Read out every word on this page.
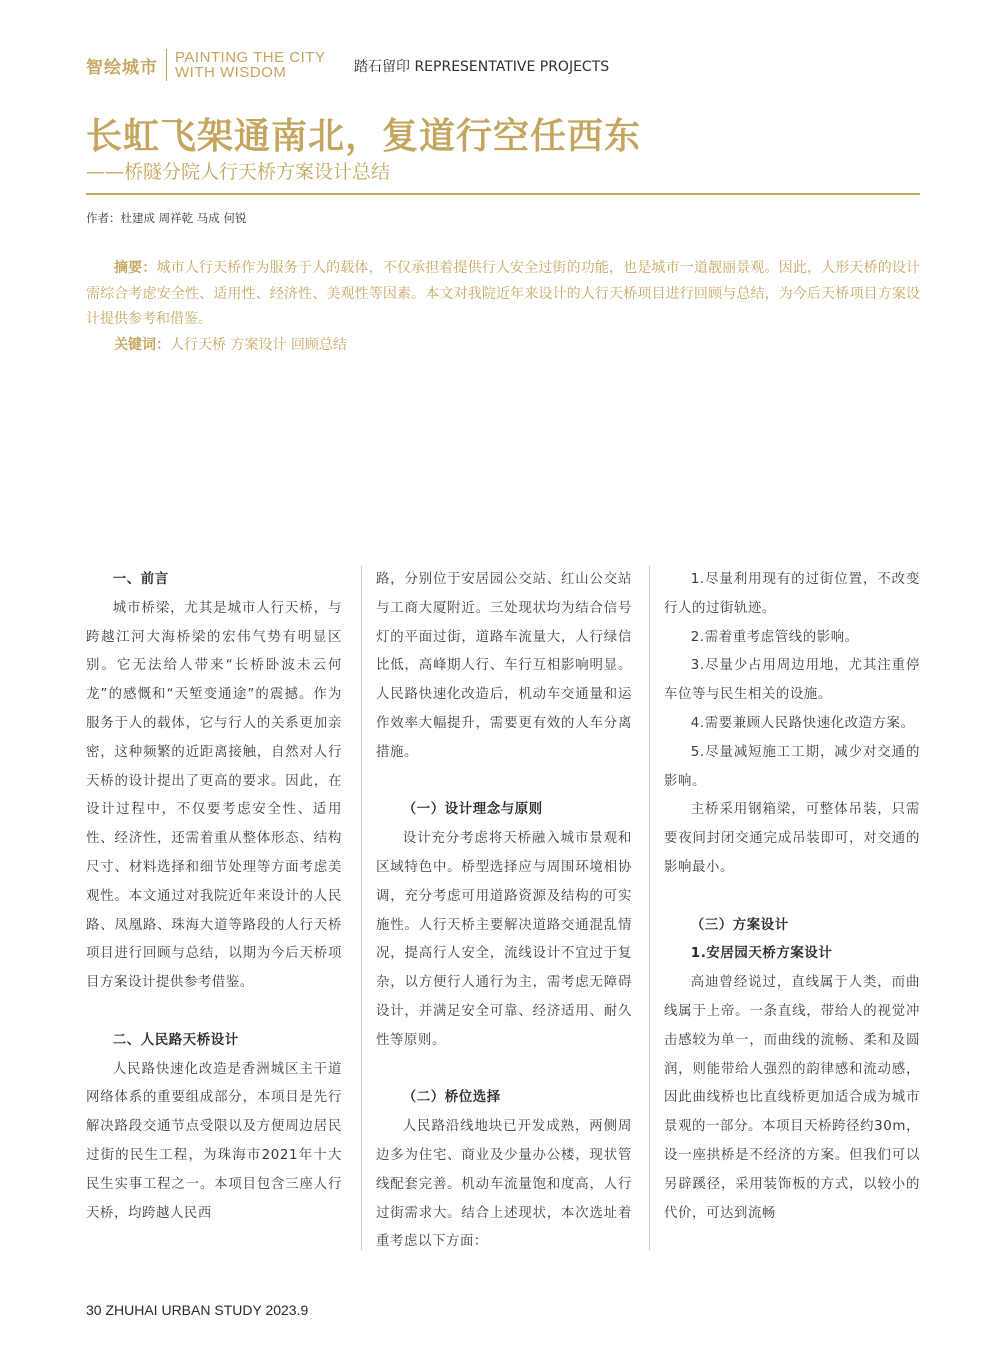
智绘城市 PAINTING THE CITY
WITH WISDOM	踏石留印 REPRESENTATIVE PROJECTS
长虹飞架通南北，复道行空任西东
——桥隧分院人行天桥方案设计总结
作者：杜建成 周祥乾 马成 何锐

摘要：城市人行天桥作为服务于人的载体，不仅承担着提供行人安全过街的功能，也是城市一道靓丽景观。因此，人形天桥的设计需综合考虑安全性、适用性、经济性、美观性等因素。本文对我院近年来设计的人行天桥项目进行回顾与总结，为今后天桥项目方案设计提供参考和借鉴。

关键词：人行天桥 方案设计 回顾总结

一、前言

城市桥梁，尤其是城市人行天桥，与跨越江河大海桥梁的宏伟气势有明显区别。它无法给人带来“长桥卧波未云何龙”的感慨和“天堑变通途”的震撼。作为服务于人的载体，它与行人的关系更加亲密，这种频繁的近距离接触，自然对人行天桥的设计提出了更高的要求。因此，在设计过程中，不仅要考虑安全性、适用性、经济性，还需着重从整体形态、结构尺寸、材料选择和细节处理等方面考虑美观性。本文通过对我院近年来设计的人民路、凤凰路、珠海大道等路段的人行天桥项目进行回顾与总结，以期为今后天桥项目方案设计提供参考借鉴。

二、人民路天桥设计

人民路快速化改造是香洲城区主干道网络体系的重要组成部分，本项目是先行解决路段交通节点受限以及方便周边居民过街的民生工程，为珠海市2021年十大民生实事工程之一。本项目包含三座人行天桥，均跨越人民西

路，分别位于安居园公交站、红山公交站与工商大厦附近。三处现状均为结合信号灯的平面过街，道路车流量大，人行绿信比低，高峰期人行、车行互相影响明显。人民路快速化改造后，机动车交通量和运作效率大幅提升，需要更有效的人车分离措施。

（一）设计理念与原则

设计充分考虑将天桥融入城市景观和区域特色中。桥型选择应与周围环境相协调，充分考虑可用道路资源及结构的可实施性。人行天桥主要解决道路交通混乱情况，提高行人安全，流线设计不宜过于复杂，以方便行人通行为主，需考虑无障碍设计，并满足安全可靠、经济适用、耐久性等原则。

（二）桥位选择

人民路沿线地块已开发成熟，两侧周边多为住宅、商业及少量办公楼，现状管线配套完善。机动车流量饱和度高，人行过街需求大。结合上述现状，本次选址着重考虑以下方面：

1.尽量利用现有的过街位置，不改变行人的过街轨迹。

2.需着重考虑管线的影响。

3.尽量少占用周边用地，尤其注重停车位等与民生相关的设施。

4.需要兼顾人民路快速化改造方案。

5.尽量减短施工工期，减少对交通的影响。

主桥采用钢箱梁，可整体吊装，只需要夜间封闭交通完成吊装即可，对交通的影响最小。

（三）方案设计
1.安居园天桥方案设计

高迪曾经说过，直线属于人类，而曲线属于上帝。一条直线，带给人的视觉冲击感较为单一，而曲线的流畅、柔和及圆润，则能带给人强烈的韵律感和流动感，因此曲线桥也比直线桥更加适合成为城市景观的一部分。本项目天桥跨径约30m，设一座拱桥是不经济的方案。但我们可以另辟蹊径，采用装饰板的方式，以较小的代价，可达到流畅

30 ZHUHAI URBAN STUDY 2023.9
